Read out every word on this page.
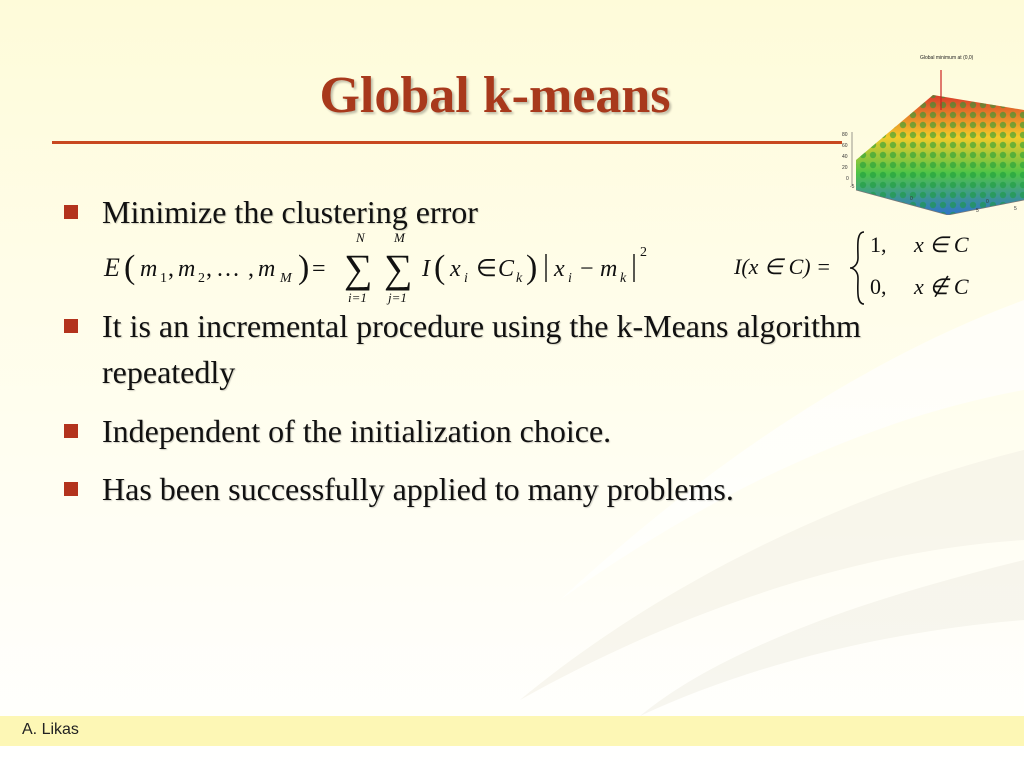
Global k-means
Global minimum at (0,0)
80
60
40
20
0
-5
0
5
0
5
Minimize the clustering error
E ( m 1 , m 2 , … , m M ) = ∑
N
i=1
∑
M
j=1
I ( x i ∈ C k ) x i − m k
2
I(x ∈ C) =
1, x ∈ C
0, x ∉ C
It is an incremental procedure using the k-Means algorithm repeatedly
Independent of the initialization choice.
Has been successfully applied to many problems.
A. Likas
